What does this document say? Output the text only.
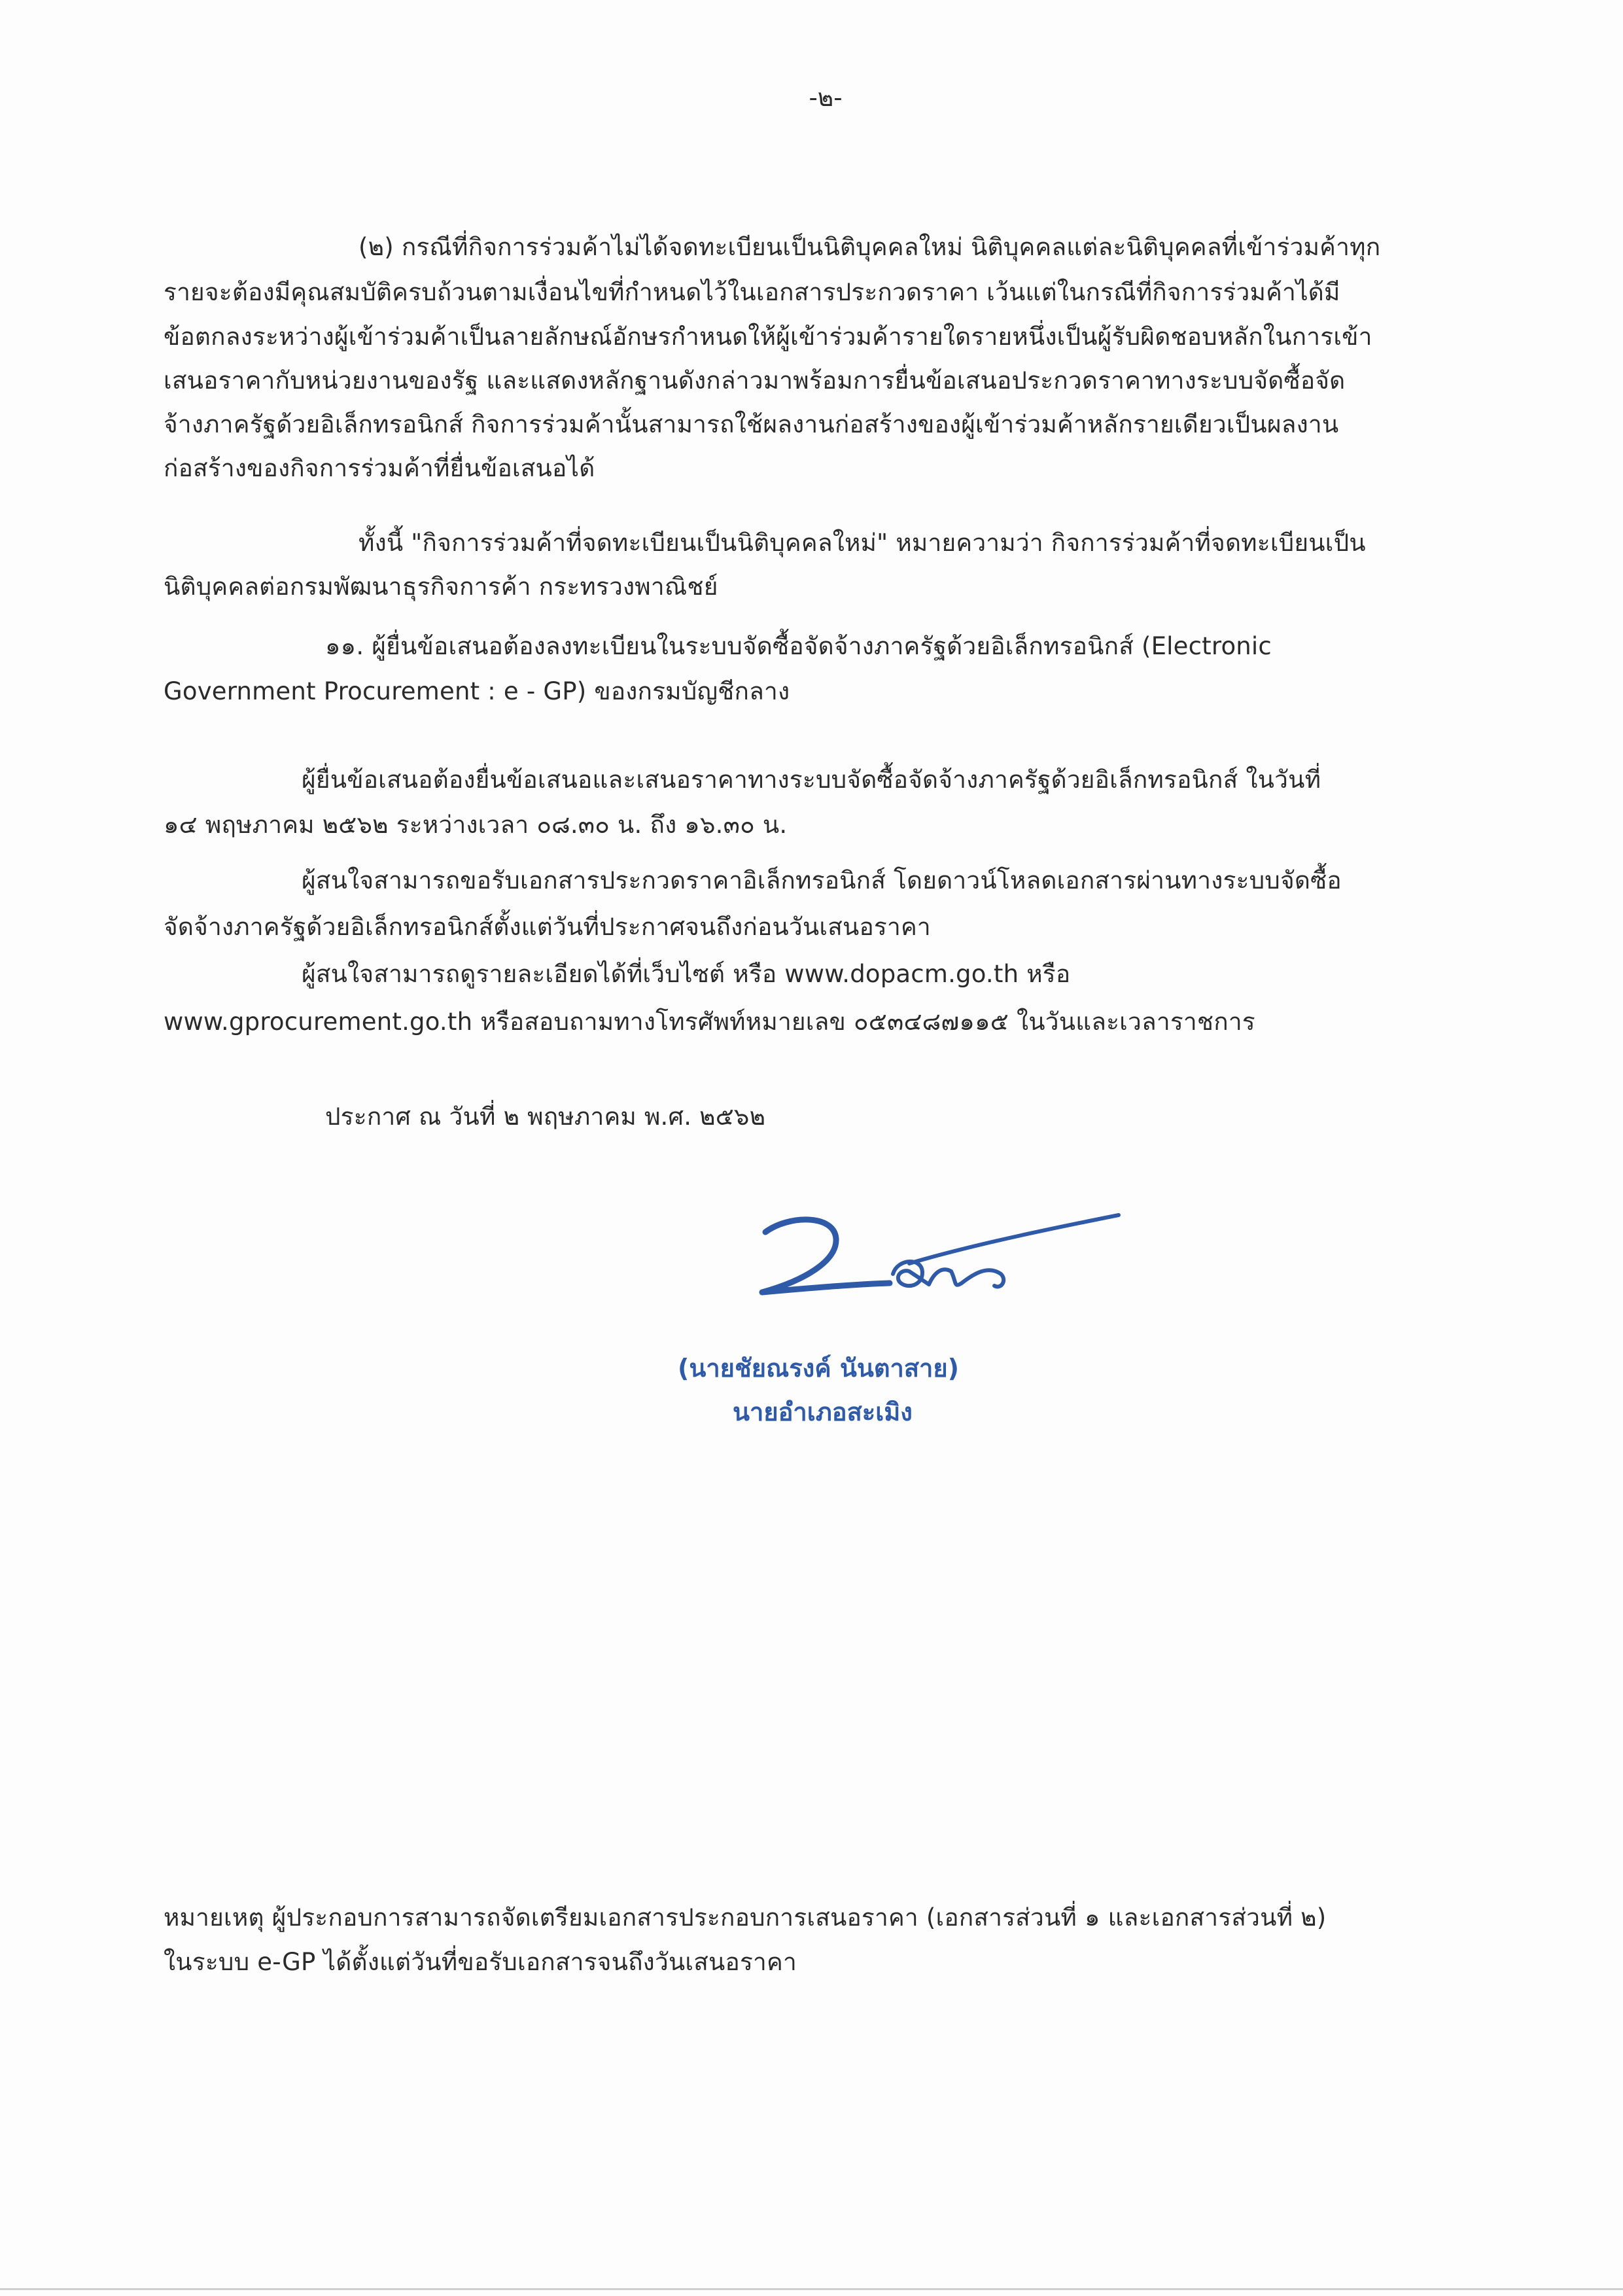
-๒-
(๒) กรณีที่กิจการร่วมค้าไม่ได้จดทะเบียนเป็นนิติบุคคลใหม่ นิติบุคคลแต่ละนิติบุคคลที่เข้าร่วมค้าทุก
รายจะต้องมีคุณสมบัติครบถ้วนตามเงื่อนไขที่กำหนดไว้ในเอกสารประกวดราคา เว้นแต่ในกรณีที่กิจการร่วมค้าได้มี
ข้อตกลงระหว่างผู้เข้าร่วมค้าเป็นลายลักษณ์อักษรกำหนดให้ผู้เข้าร่วมค้ารายใดรายหนึ่งเป็นผู้รับผิดชอบหลักในการเข้า
เสนอราคากับหน่วยงานของรัฐ และแสดงหลักฐานดังกล่าวมาพร้อมการยื่นข้อเสนอประกวดราคาทางระบบจัดซื้อจัด
จ้างภาครัฐด้วยอิเล็กทรอนิกส์ กิจการร่วมค้านั้นสามารถใช้ผลงานก่อสร้างของผู้เข้าร่วมค้าหลักรายเดียวเป็นผลงาน
ก่อสร้างของกิจการร่วมค้าที่ยื่นข้อเสนอได้
ทั้งนี้ "กิจการร่วมค้าที่จดทะเบียนเป็นนิติบุคคลใหม่" หมายความว่า กิจการร่วมค้าที่จดทะเบียนเป็น
นิติบุคคลต่อกรมพัฒนาธุรกิจการค้า กระทรวงพาณิชย์
๑๑. ผู้ยื่นข้อเสนอต้องลงทะเบียนในระบบจัดซื้อจัดจ้างภาครัฐด้วยอิเล็กทรอนิกส์ (Electronic
Government Procurement : e - GP) ของกรมบัญชีกลาง
ผู้ยื่นข้อเสนอต้องยื่นข้อเสนอและเสนอราคาทางระบบจัดซื้อจัดจ้างภาครัฐด้วยอิเล็กทรอนิกส์ ในวันที่
๑๔ พฤษภาคม ๒๕๖๒ ระหว่างเวลา ๐๘.๓๐ น. ถึง ๑๖.๓๐ น.
ผู้สนใจสามารถขอรับเอกสารประกวดราคาอิเล็กทรอนิกส์ โดยดาวน์โหลดเอกสารผ่านทางระบบจัดซื้อ
จัดจ้างภาครัฐด้วยอิเล็กทรอนิกส์ตั้งแต่วันที่ประกาศจนถึงก่อนวันเสนอราคา
ผู้สนใจสามารถดูรายละเอียดได้ที่เว็บไซต์ หรือ www.dopacm.go.th หรือ
www.gprocurement.go.th หรือสอบถามทางโทรศัพท์หมายเลข ๐๕๓๔๘๗๑๑๕ ในวันและเวลาราชการ
ประกาศ ณ วันที่ ๒ พฤษภาคม พ.ศ. ๒๕๖๒
(นายชัยณรงค์ นันตาสาย)
นายอำเภอสะเมิง
หมายเหตุ ผู้ประกอบการสามารถจัดเตรียมเอกสารประกอบการเสนอราคา (เอกสารส่วนที่ ๑ และเอกสารส่วนที่ ๒)
ในระบบ e-GP ได้ตั้งแต่วันที่ขอรับเอกสารจนถึงวันเสนอราคา
